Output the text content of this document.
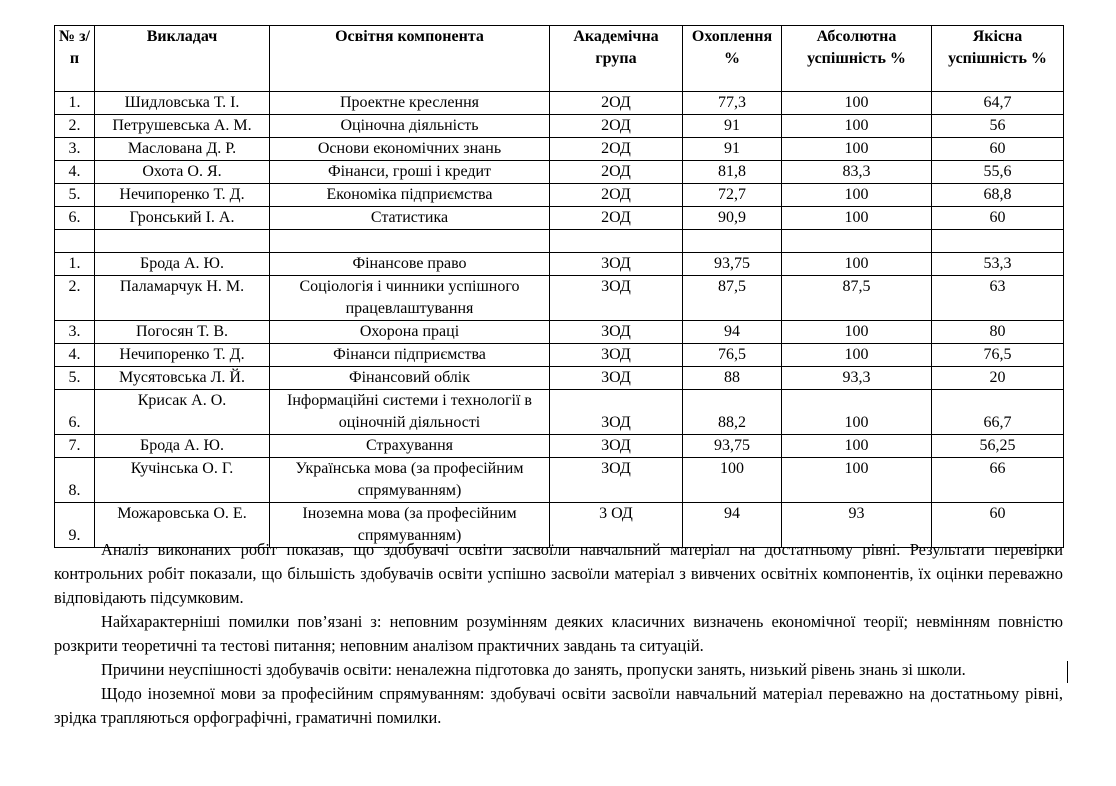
№ з/п	Викладач	Освітня компонента	Академічна група	Охоплення %	Абсолютна успішність %	Якісна успішність %
1.	Шидловська Т. І.	Проектне креслення	2ОД	77,3	100	64,7
2.	Петрушевська А. М.	Оціночна діяльність	2ОД	91	100	56
3.	Маслована Д. Р.	Основи економічних знань	2ОД	91	100	60
4.	Охота О. Я.	Фінанси, гроші і кредит	2ОД	81,8	83,3	55,6
5.	Нечипоренко Т. Д.	Економіка підприємства	2ОД	72,7	100	68,8
6.	Гронський І. А.	Статистика	2ОД	90,9	100	60

1.	Брода А. Ю.	Фінансове право	3ОД	93,75	100	53,3
2.	Паламарчук Н. М.	Соціологія і чинники успішного працевлаштування	3ОД	87,5	87,5	63
3.	Погосян Т. В.	Охорона праці	3ОД	94	100	80
4.	Нечипоренко Т. Д.	Фінанси підприємства	3ОД	76,5	100	76,5
5.	Мусятовська Л. Й.	Фінансовий облік	3ОД	88	93,3	20
6.	Крисак А. О.	Інформаційні системи і технології в оціночній діяльності	3ОД	88,2	100	66,7
7.	Брода А. Ю.	Страхування	3ОД	93,75	100	56,25
8.	Кучінська О. Г.	Українська мова (за професійним спрямуванням)	3ОД	100	100	66
9.	Можаровська О. Е.	Іноземна мова (за професійним спрямуванням)	3 ОД	94	93	60

Аналіз виконаних робіт показав, що здобувачі освіти засвоїли навчальний матеріал на достатньому рівні. Результати перевірки контрольних робіт показали, що більшість здобувачів освіти успішно засвоїли матеріал з вивчених освітніх компонентів, їх оцінки переважно відповідають підсумковим.

Найхарактерніші помилки пов’язані з: неповним розумінням деяких класичних визначень економічної теорії; невмінням повністю розкрити теоретичні та тестові питання; неповним аналізом практичних завдань та ситуацій.

Причини неуспішності здобувачів освіти: неналежна підготовка до занять, пропуски занять, низький рівень знань зі школи.

Щодо іноземної мови за професійним спрямуванням: здобувачі освіти засвоїли навчальний матеріал переважно на достатньому рівні, зрідка трапляються орфографічні, граматичні помилки.
